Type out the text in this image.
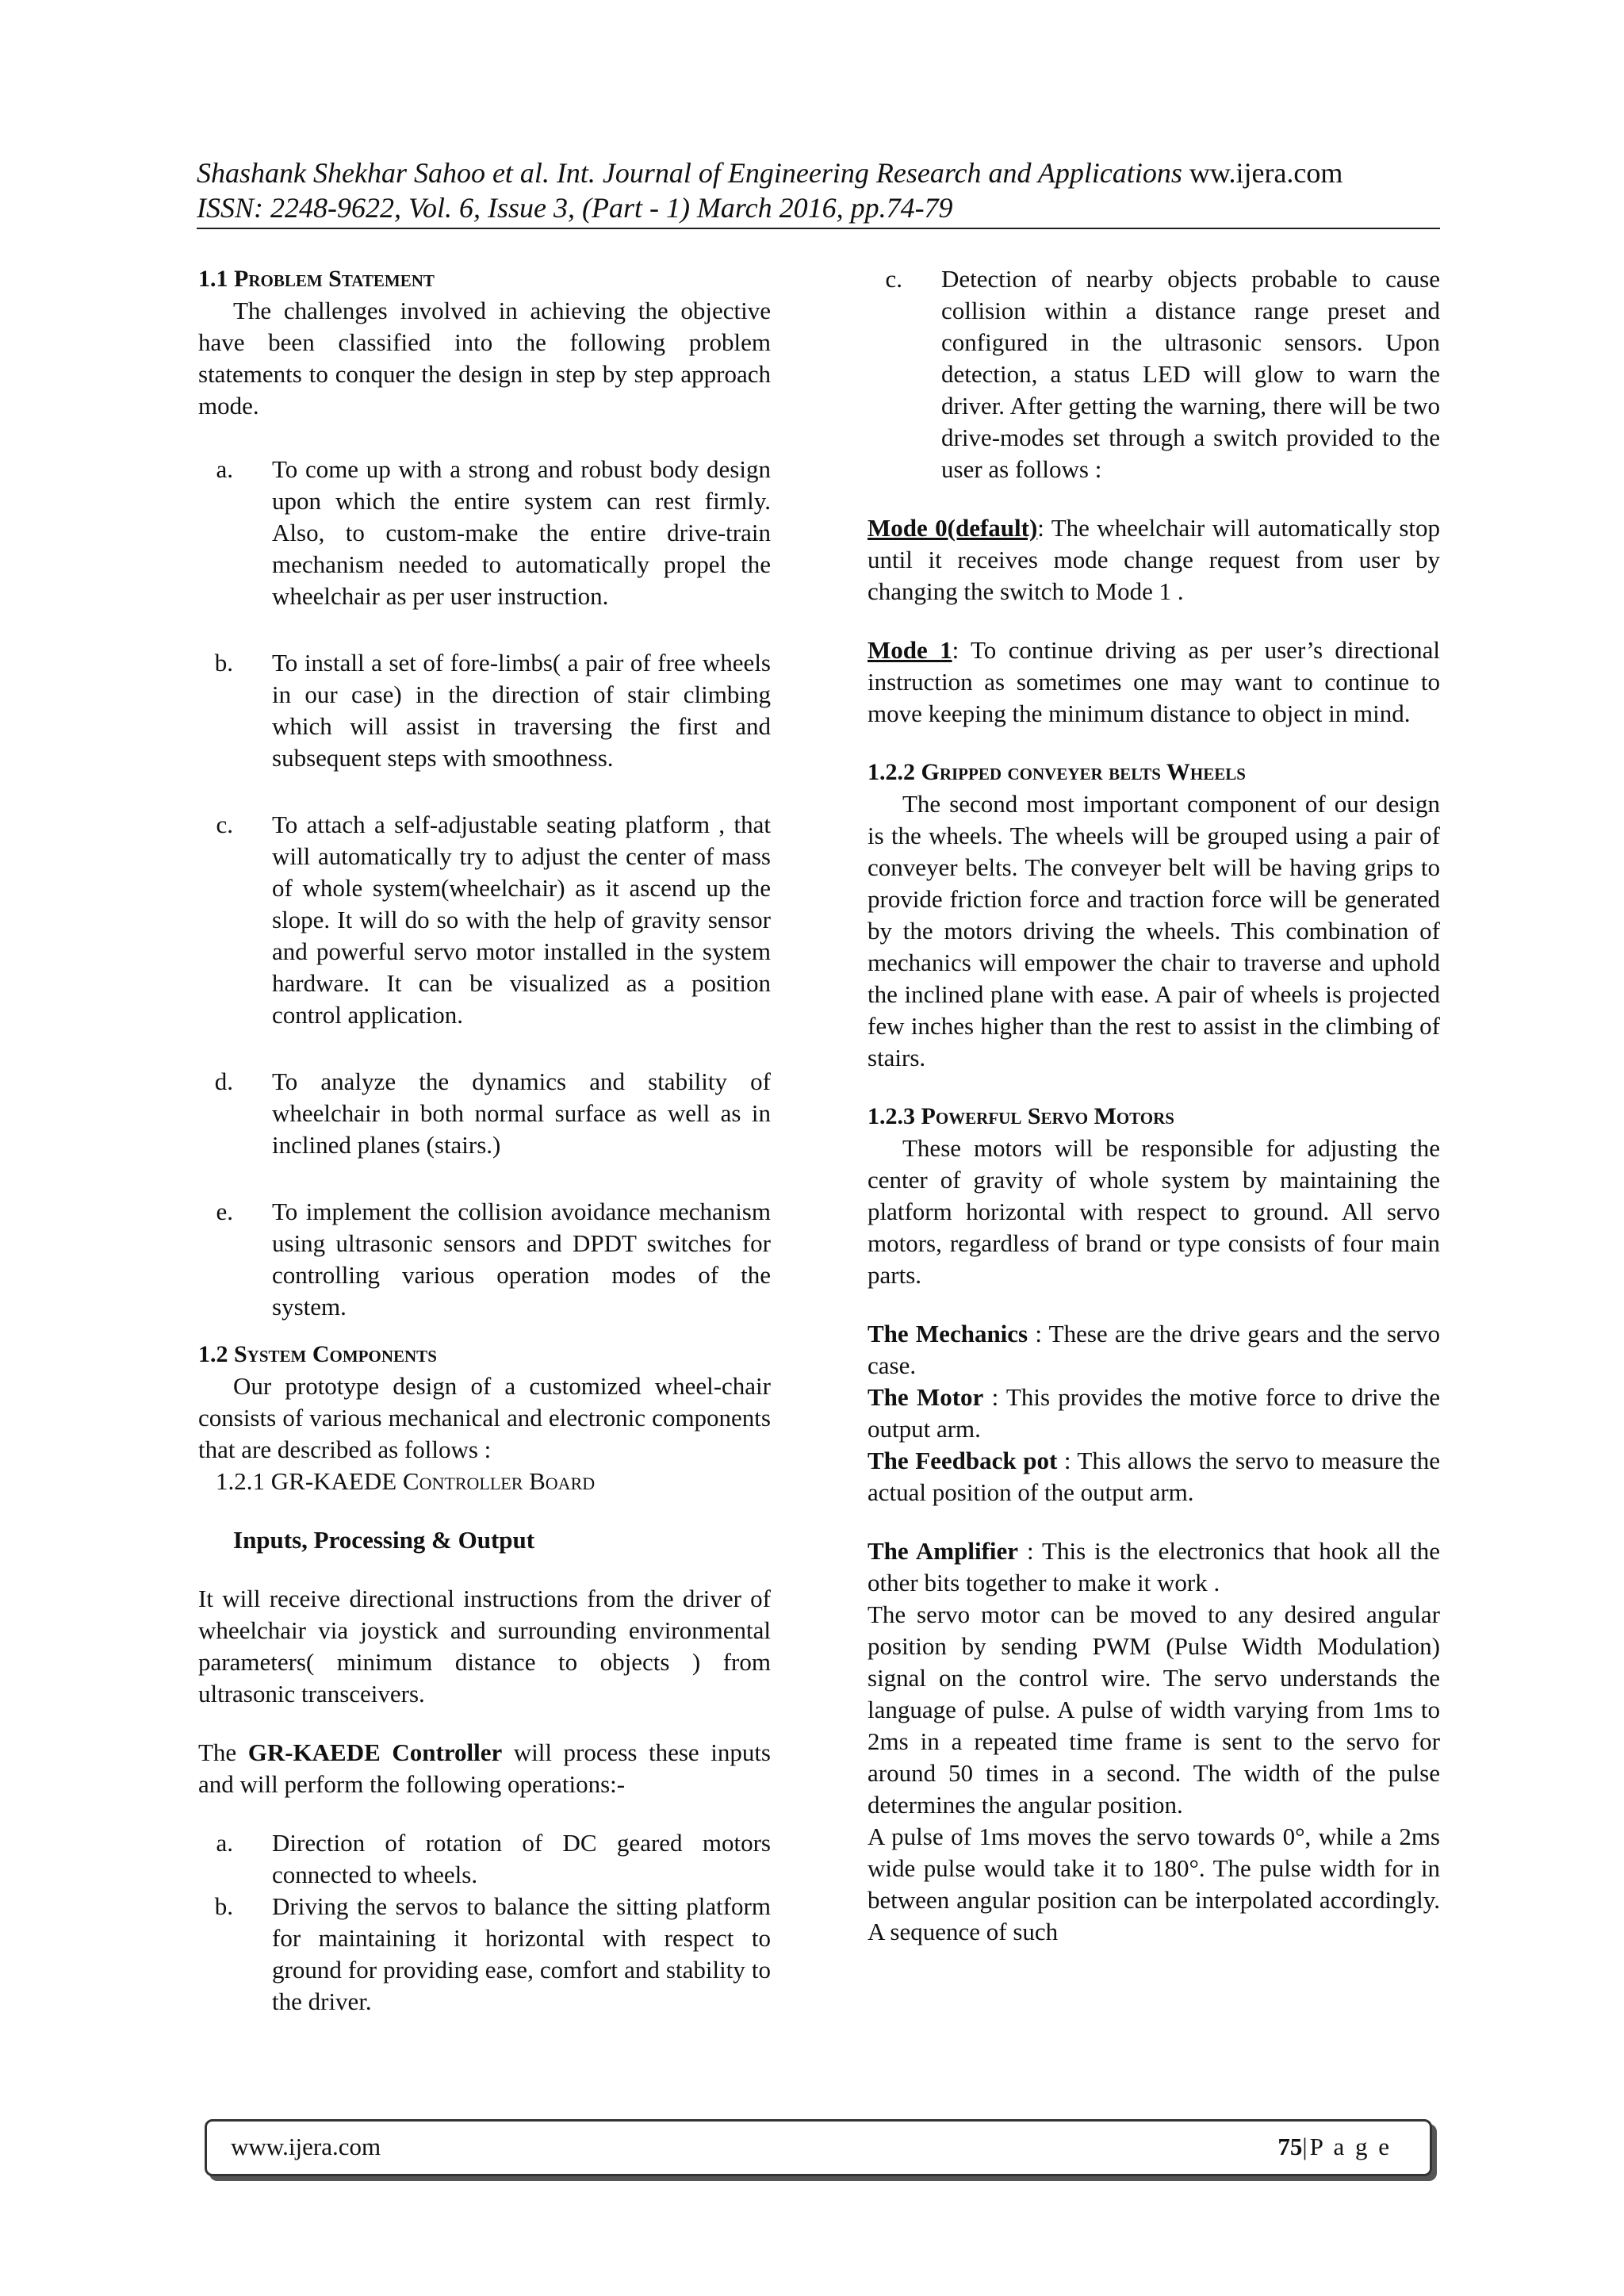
Shashank Shekhar Sahoo et al. Int. Journal of Engineering Research and Applications ww.ijera.com
ISSN: 2248-9622, Vol. 6, Issue 3, (Part - 1) March 2016, pp.74-79

1.1 Problem Statement

The challenges involved in achieving the objective have been classified into the following problem statements to conquer the design in step by step approach mode.

a.	To come up with a strong and robust body design upon which the entire system can rest firmly. Also, to custom-make the entire drive-train mechanism needed to automatically propel the wheelchair as per user instruction.
b.	To install a set of fore-limbs( a pair of free wheels in our case) in the direction of stair climbing which will assist in traversing the first and subsequent steps with smoothness.
c.	To attach a self-adjustable seating platform , that will automatically try to adjust the center of mass of whole system(wheelchair) as it ascend up the slope. It will do so with the help of gravity sensor and powerful servo motor installed in the system hardware. It can be visualized as a position control application.
d.	To analyze the dynamics and stability of wheelchair in both normal surface as well as in inclined planes (stairs.)
e.	To implement the collision avoidance mechanism using ultrasonic sensors and DPDT switches for controlling various operation modes of the system.

1.2 System Components

Our prototype design of a customized wheel-chair consists of various mechanical and electronic components that are described as follows :

1.2.1 GR-KAEDE Controller Board

Inputs, Processing & Output

It will receive directional instructions from the driver of wheelchair via joystick and surrounding environmental parameters( minimum distance to objects ) from ultrasonic transceivers.

The GR-KAEDE Controller will process these inputs and will perform the following operations:-

a.	Direction of rotation of DC geared motors connected to wheels.
b.	Driving the servos to balance the sitting platform for maintaining it horizontal with respect to ground for providing ease, comfort and stability to the driver.
c.	Detection of nearby objects probable to cause collision within a distance range preset and configured in the ultrasonic sensors. Upon detection, a status LED will glow to warn the driver. After getting the warning, there will be two drive-modes set through a switch provided to the user as follows :

Mode 0(default): The wheelchair will automatically stop until it receives mode change request from user by changing the switch to Mode 1 .

Mode 1: To continue driving as per user’s directional instruction as sometimes one may want to continue to move keeping the minimum distance to object in mind.

1.2.2 Gripped conveyer belts Wheels

The second most important component of our design is the wheels. The wheels will be grouped using a pair of conveyer belts. The conveyer belt will be having grips to provide friction force and traction force will be generated by the motors driving the wheels. This combination of mechanics will empower the chair to traverse and uphold the inclined plane with ease. A pair of wheels is projected few inches higher than the rest to assist in the climbing of stairs.

1.2.3 Powerful Servo Motors

These motors will be responsible for adjusting the center of gravity of whole system by maintaining the platform horizontal with respect to ground. All servo motors, regardless of brand or type consists of four main parts.

The Mechanics : These are the drive gears and the servo case.

The Motor : This provides the motive force to drive the output arm.

The Feedback pot : This allows the servo to measure the actual position of the output arm.

The Amplifier : This is the electronics that hook all the other bits together to make it work .

The servo motor can be moved to any desired angular position by sending PWM (Pulse Width Modulation) signal on the control wire. The servo understands the language of pulse. A pulse of width varying from 1ms to 2ms in a repeated time frame is sent to the servo for around 50 times in a second. The width of the pulse determines the angular position.

A pulse of 1ms moves the servo towards 0°, while a 2ms wide pulse would take it to 180°. The pulse width for in between angular position can be interpolated accordingly. A sequence of such

www.ijera.com	75|P a g e
